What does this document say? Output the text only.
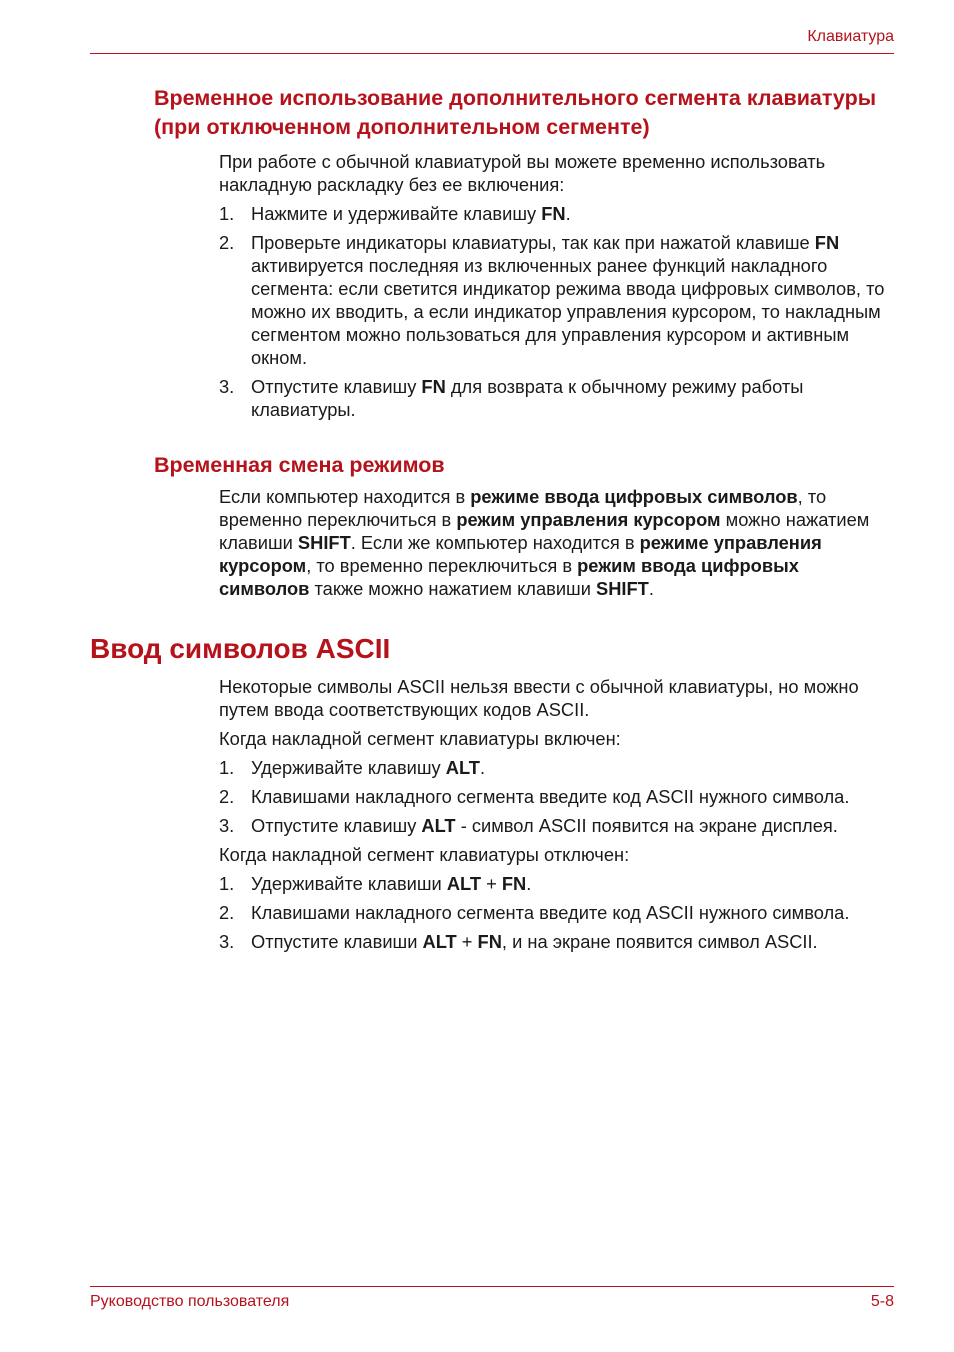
Клавиатура
Временное использование дополнительного сегмента клавиатуры (при отключенном дополнительном сегменте)

При работе с обычной клавиатурой вы можете временно использовать накладную раскладку без ее включения:

1. Нажмите и удерживайте клавишу FN.
2. Проверьте индикаторы клавиатуры, так как при нажатой клавише FN активируется последняя из включенных ранее функций накладного сегмента: если светится индикатор режима ввода цифровых символов, то можно их вводить, а если индикатор управления курсором, то накладным сегментом можно пользоваться для управления курсором и активным окном.
3. Отпустите клавишу FN для возврата к обычному режиму работы клавиатуры.
Временная смена режимов

Если компьютер находится в режиме ввода цифровых символов, то временно переключиться в режим управления курсором можно нажатием клавиши SHIFT. Если же компьютер находится в режиме управления курсором, то временно переключиться в режим ввода цифровых символов также можно нажатием клавиши SHIFT.

Ввод символов ASCII

Некоторые символы ASCII нельзя ввести с обычной клавиатуры, но можно путем ввода соответствующих кодов ASCII.

Когда накладной сегмент клавиатуры включен:

1. Удерживайте клавишу ALT.
2. Клавишами накладного сегмента введите код ASCII нужного символа.
3. Отпустите клавишу ALT - символ ASCII появится на экране дисплея.

Когда накладной сегмент клавиатуры отключен:

1. Удерживайте клавиши ALT + FN.
2. Клавишами накладного сегмента введите код ASCII нужного символа.
3. Отпустите клавиши ALT + FN, и на экране появится символ ASCII.
Руководство пользователя	5-8
